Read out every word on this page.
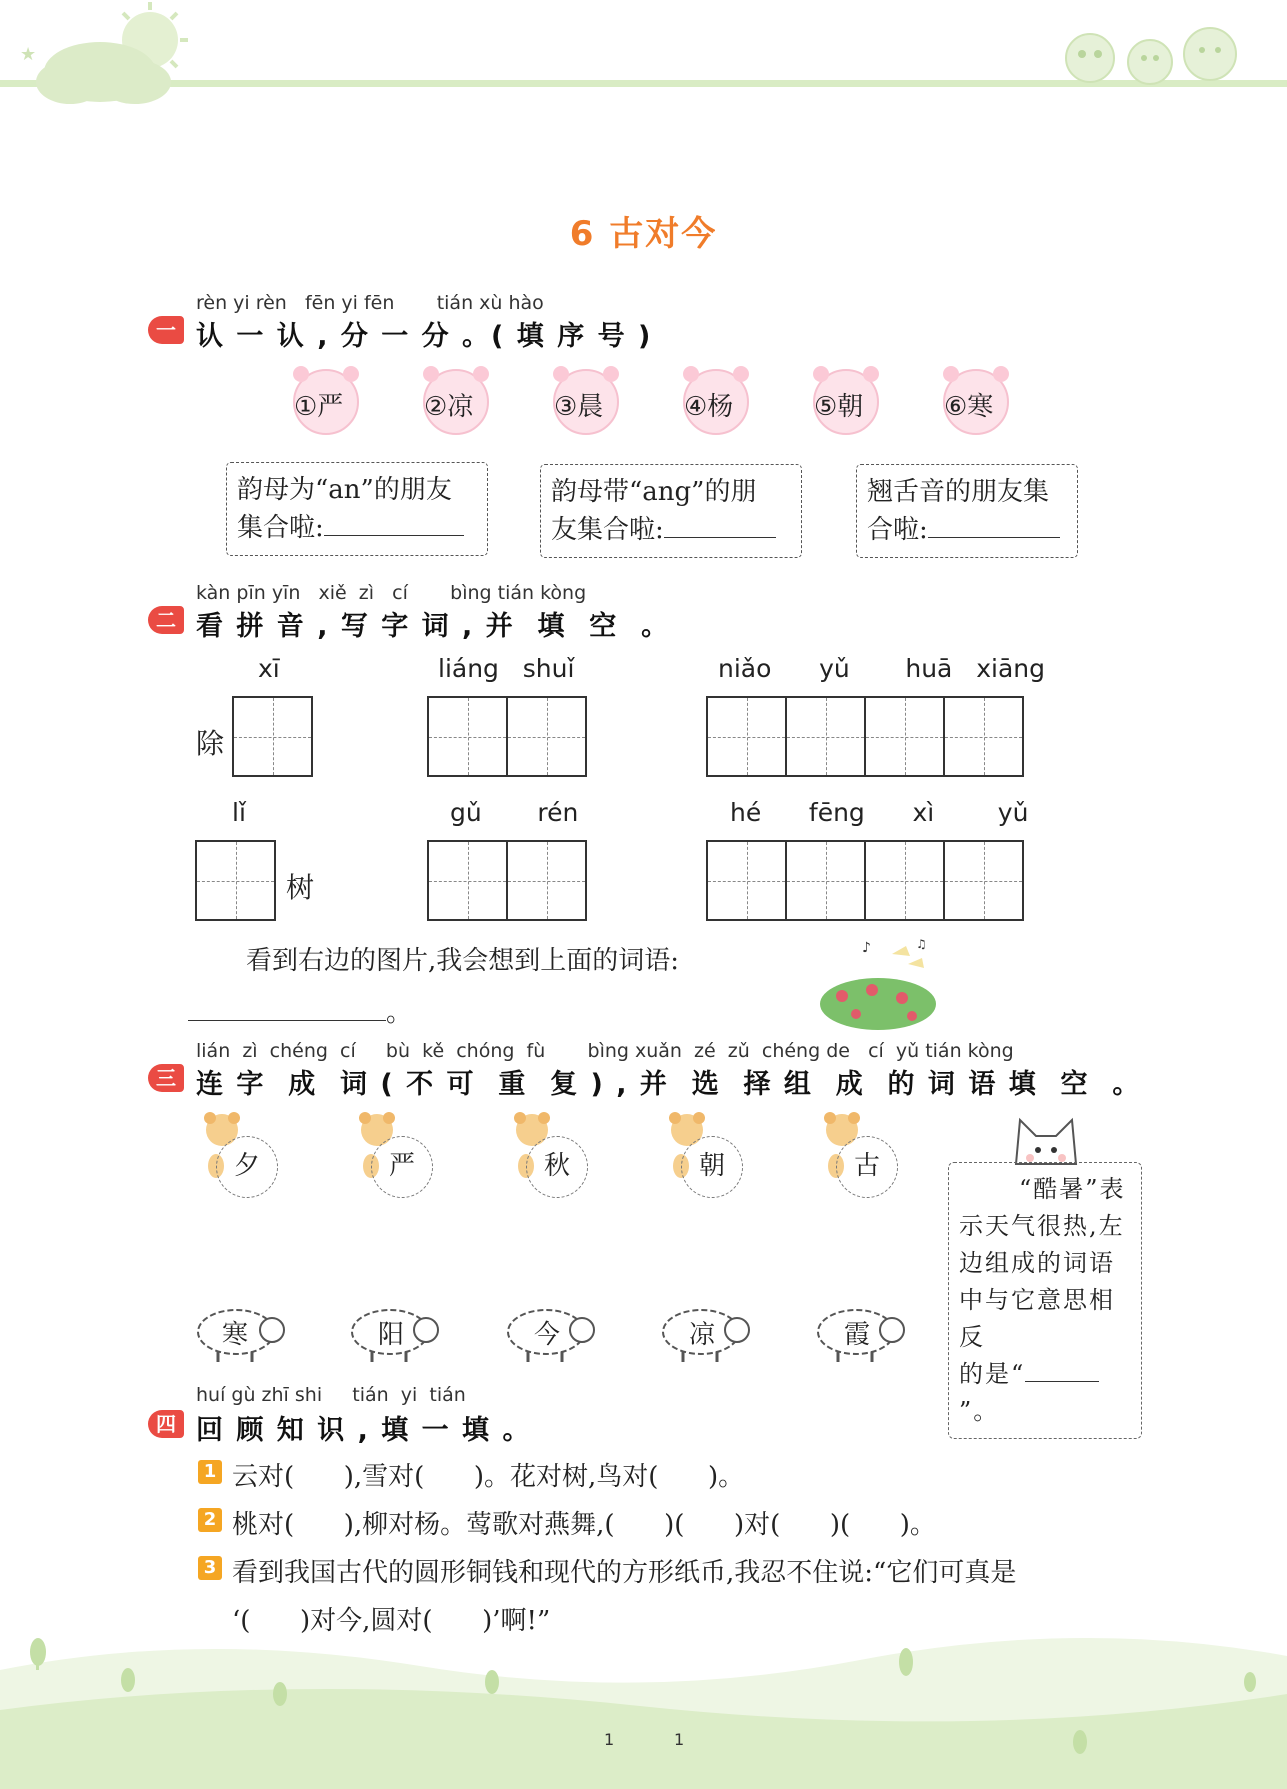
★
6 古对今
rèn yi rèn   fēn yi fēn       tián xù hào
一 认 一 认 , 分 一 分 。( 填 序 号 )
①严	②凉	③晨	④杨	⑤朝	⑥寒
韵母为“an”的朋友
集合啦:
韵母带“ang”的朋
友集合啦:
翘舌音的朋友集
合啦:
kàn pīn yīn   xiě  zì   cí       bìng tián kòng
二 看 拼 音 , 写 字 词 , 并  填  空  。
xī	liáng   shuǐ	niǎo      yǔ       huā   xiāng
除
lǐ	gǔ       rén	hé      fēng      xì        yǔ
树
看到右边的图片,我会想到上面的词语:
。
♪	♫
lián  zì  chéng  cí     bù  kě  chóng  fù       bìng xuǎn  zé  zǔ  chéng de   cí  yǔ tián kòng
三 连 字  成  词 ( 不 可  重  复 ) , 并  选  择 组  成  的 词 语 填  空  。
夕	严	秋	朝	古
寒	阳	今	凉	霞
“酷暑”表
示天气很热,左
边组成的词语
中与它意思相反
的是“”。
huí gù zhī shi     tián  yi  tián
四 回 顾 知 识 , 填 一 填 。
1 云对(      ),雪对(      )。花对树,鸟对(      )。
2 桃对(      ),柳对杨。莺歌对燕舞,(      )(      )对(      )(      )。
3 看到我国古代的圆形铜钱和现代的方形纸币,我忍不住说:“它们可真是
‘(      )对今,圆对(      )’啊!”
1	1
